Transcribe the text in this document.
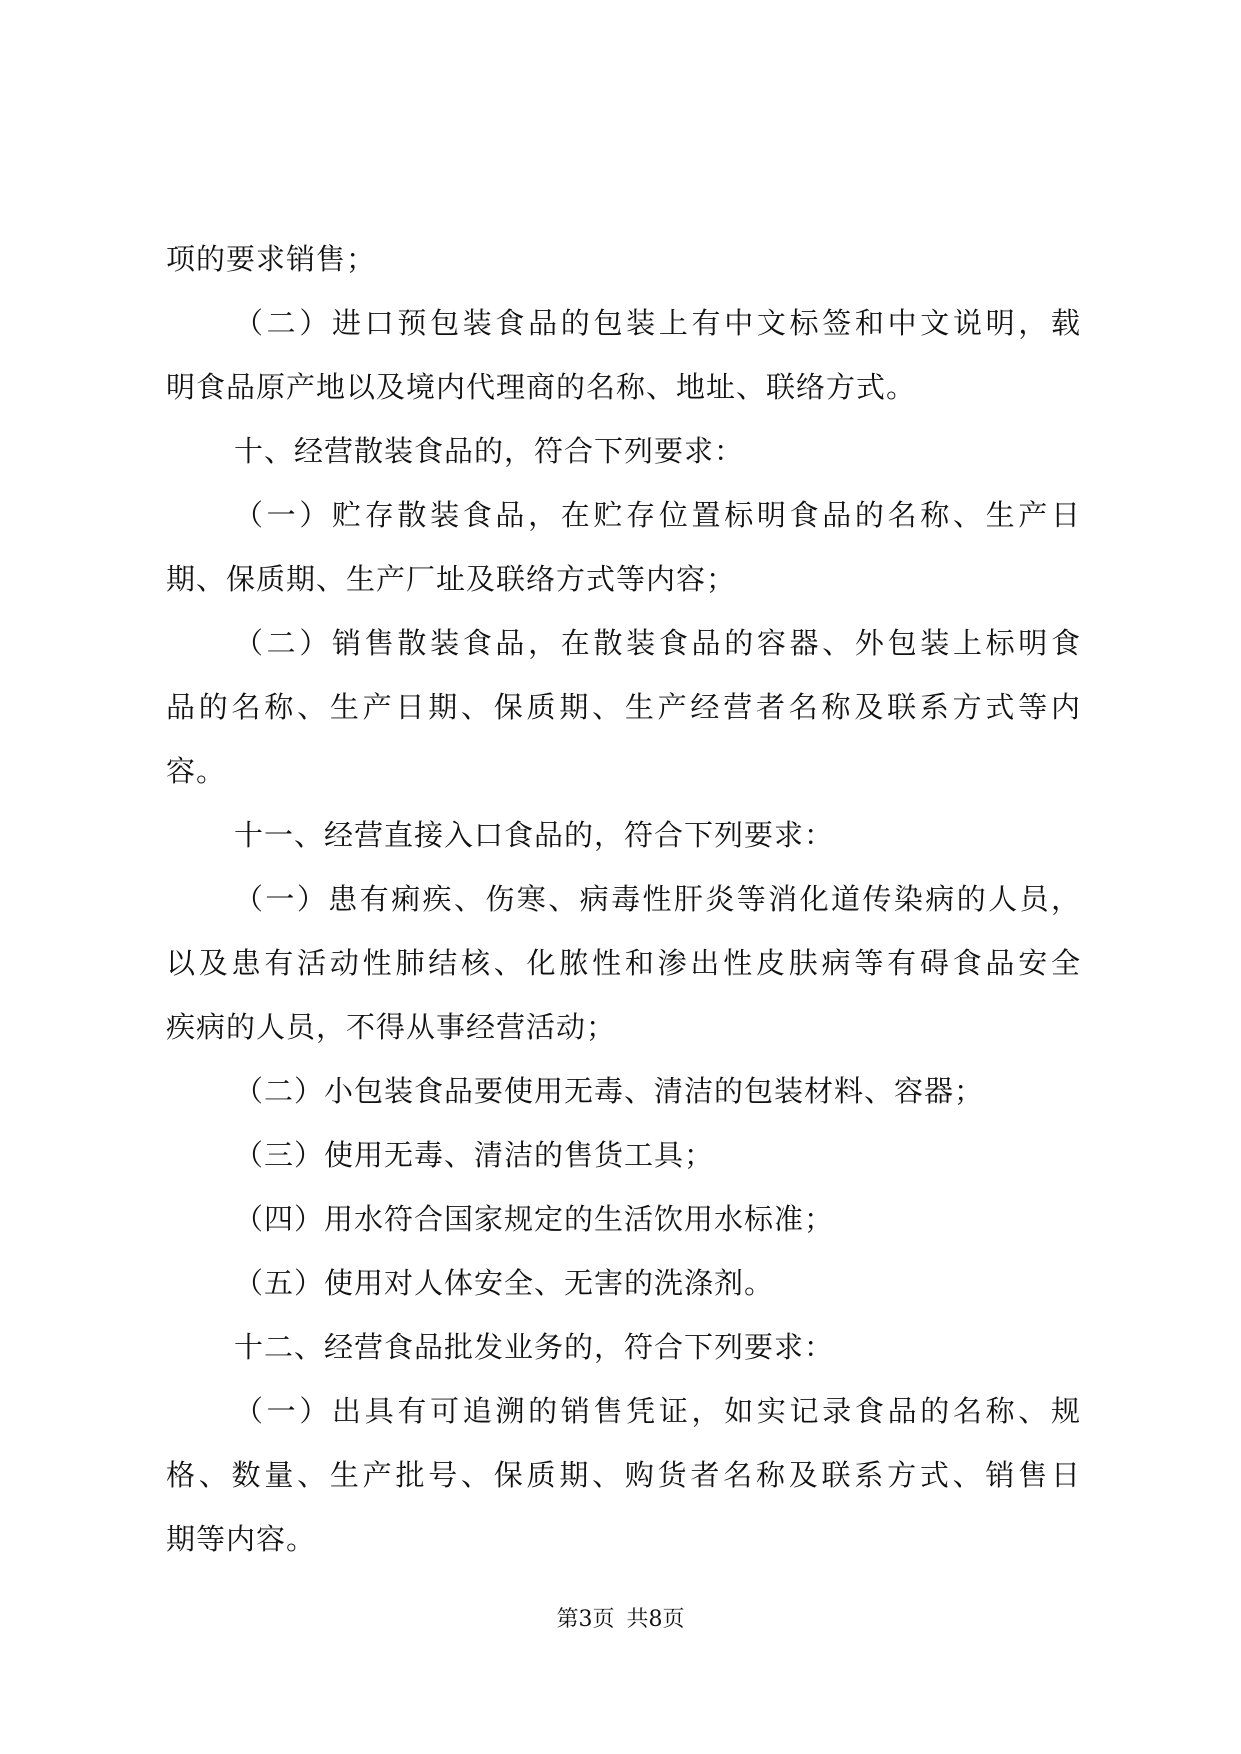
项的要求销售；
（二）进口预包装食品的包装上有中文标签和中文说明，载
明食品原产地以及境内代理商的名称、地址、联络方式。
十、经营散装食品的，符合下列要求：
（一）贮存散装食品，在贮存位置标明食品的名称、生产日
期、保质期、生产厂址及联络方式等内容；
（二）销售散装食品，在散装食品的容器、外包装上标明食
品的名称、生产日期、保质期、生产经营者名称及联系方式等内
容。
十一、经营直接入口食品的，符合下列要求：
（一）患有痢疾、伤寒、病毒性肝炎等消化道传染病的人员，
以及患有活动性肺结核、化脓性和渗出性皮肤病等有碍食品安全
疾病的人员，不得从事经营活动；
（二）小包装食品要使用无毒、清洁的包装材料、容器；
（三）使用无毒、清洁的售货工具；
（四）用水符合国家规定的生活饮用水标准；
（五）使用对人体安全、无害的洗涤剂。
十二、经营食品批发业务的，符合下列要求：
（一）出具有可追溯的销售凭证，如实记录食品的名称、规
格、数量、生产批号、保质期、购货者名称及联系方式、销售日
期等内容。
第3页 共8页
